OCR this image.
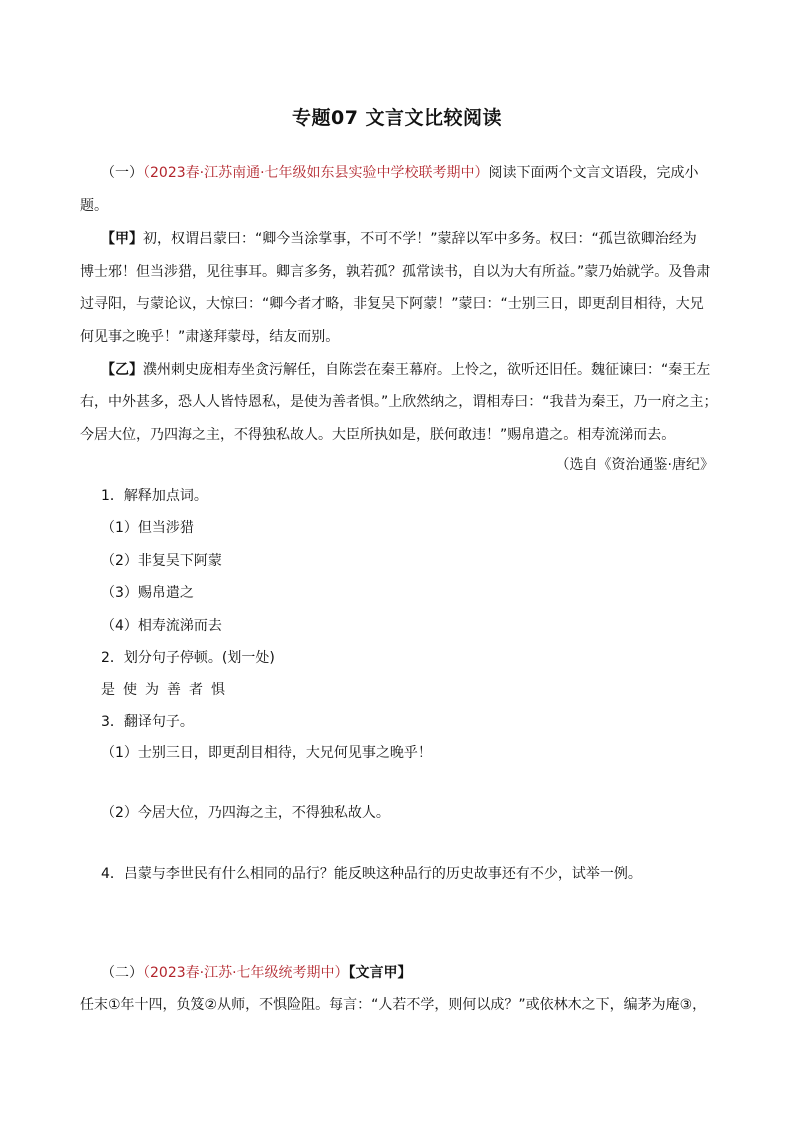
专题07 文言文比较阅读
（一）（2023春·江苏南通·七年级如东县实验中学校联考期中）阅读下面两个文言文语段，完成小
题。
【甲】初，权谓吕蒙曰：“卿今当涂掌事，不可不学！”蒙辞以军中多务。权曰：“孤岂欲卿治经为
博士邪！但当涉猎，见往事耳。卿言多务，孰若孤？孤常读书，自以为大有所益。”蒙乃始就学。及鲁肃
过寻阳，与蒙论议，大惊曰：“卿今者才略，非复吴下阿蒙！”蒙曰：“士别三日，即更刮目相待，大兄
何见事之晚乎！”肃遂拜蒙母，结友而别。
【乙】濮州刺史庞相寿坐贪污解任，自陈尝在秦王幕府。上怜之，欲听还旧任。魏征谏曰：“秦王左
右，中外甚多，恐人人皆恃恩私，是使为善者惧。”上欣然纳之，谓相寿曰：“我昔为秦王，乃一府之主；
今居大位，乃四海之主，不得独私故人。大臣所执如是，朕何敢违！”赐帛遣之。相寿流涕而去。
（选自《资治通鉴·唐纪》
1．解释加点词。
（1）但当涉猎
（2）非复吴下阿蒙
（3）赐帛遣之
（4）相寿流涕而去
2．划分句子停顿。(划一处)
是使为善者惧
3．翻译句子。
（1）士别三日，即更刮目相待，大兄何见事之晚乎！
（2）今居大位，乃四海之主，不得独私故人。
4．吕蒙与李世民有什么相同的品行？能反映这种品行的历史故事还有不少，试举一例。
（二）（2023春·江苏·七年级统考期中）【文言甲】
任末①年十四，负笈②从师，不惧险阻。每言：“人若不学，则何以成？”或依林木之下，编茅为庵③，
